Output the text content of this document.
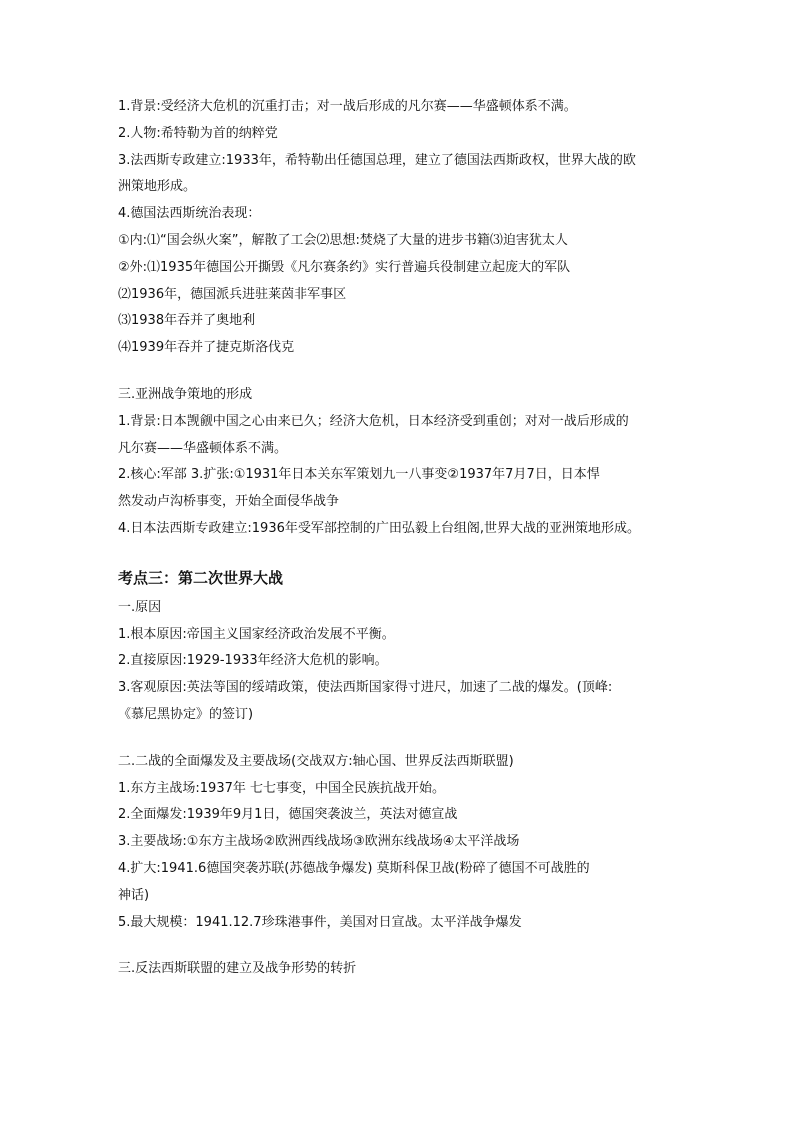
1.背景:受经济大危机的沉重打击；对一战后形成的凡尔赛——华盛顿体系不满。
2.人物:希特勒为首的纳粹党
3.法西斯专政建立:1933年，希特勒出任德国总理，建立了德国法西斯政权，世界大战的欧
洲策地形成。
4.德国法西斯统治表现：
①内:⑴“国会纵火案”，解散了工会⑵思想:焚烧了大量的进步书籍⑶迫害犹太人
②外:⑴1935年德国公开撕毁《凡尔赛条约》实行普遍兵役制建立起庞大的军队
⑵1936年，德国派兵进驻莱茵非军事区
⑶1938年吞并了奥地利
⑷1939年吞并了捷克斯洛伐克
三.亚洲战争策地的形成
1.背景:日本觊觎中国之心由来已久；经济大危机，日本经济受到重创；对对一战后形成的
凡尔赛——华盛顿体系不满。
2.核心:军部 3.扩张:①1931年日本关东军策划九一八事变②1937年7月7日，日本悍
然发动卢沟桥事变，开始全面侵华战争
4.日本法西斯专政建立:1936年受军部控制的广田弘毅上台组阁,世界大战的亚洲策地形成。
考点三：第二次世界大战
一.原因
1.根本原因:帝国主义国家经济政治发展不平衡。
2.直接原因:1929-1933年经济大危机的影响。
3.客观原因:英法等国的绥靖政策，使法西斯国家得寸进尺，加速了二战的爆发。(顶峰:
《慕尼黑协定》的签订)
二.二战的全面爆发及主要战场(交战双方:轴心国、世界反法西斯联盟)
1.东方主战场:1937年 七七事变，中国全民族抗战开始。
2.全面爆发:1939年9月1日，德国突袭波兰，英法对德宣战
3.主要战场:①东方主战场②欧洲西线战场③欧洲东线战场④太平洋战场
4.扩大:1941.6德国突袭苏联(苏德战争爆发) 莫斯科保卫战(粉碎了德国不可战胜的
神话)
5.最大规模：1941.12.7珍珠港事件，美国对日宣战。太平洋战争爆发
三.反法西斯联盟的建立及战争形势的转折
